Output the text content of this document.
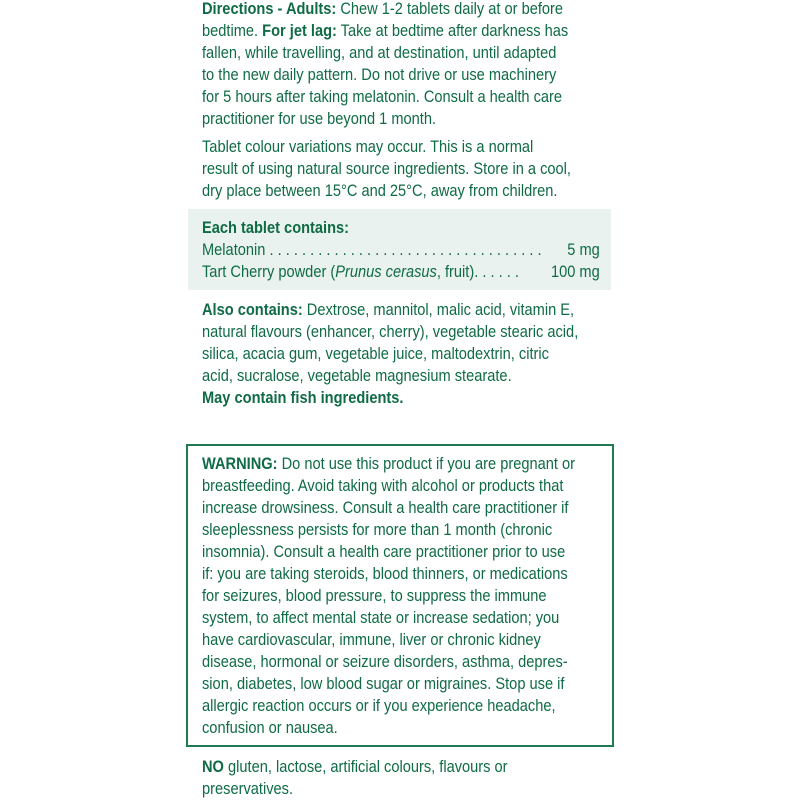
Directions - Adults: Chew 1-2 tablets daily at or before
bedtime. For jet lag: Take at bedtime after darkness has
fallen, while travelling, and at destination, until adapted
to the new daily pattern. Do not drive or use machinery
for 5 hours after taking melatonin. Consult a health care
practitioner for use beyond 1 month.
Tablet colour variations may occur. This is a normal
result of using natural source ingredients. Store in a cool,
dry place between 15°C and 25°C, away from children.
Each tablet contains:
Melatonin . . . . . . . . . . . . . . . . . . . . . . . . . . . . . . . . . . 5 mg
Tart Cherry powder (Prunus cerasus, fruit). . . . . . 100 mg
Also contains: Dextrose, mannitol, malic acid, vitamin E,
natural flavours (enhancer, cherry), vegetable stearic acid,
silica, acacia gum, vegetable juice, maltodextrin, citric
acid, sucralose, vegetable magnesium stearate.
May contain fish ingredients.
WARNING: Do not use this product if you are pregnant or
breastfeeding. Avoid taking with alcohol or products that
increase drowsiness. Consult a health care practitioner if
sleeplessness persists for more than 1 month (chronic
insomnia). Consult a health care practitioner prior to use
if: you are taking steroids, blood thinners, or medications
for seizures, blood pressure, to suppress the immune
system, to affect mental state or increase sedation; you
have cardiovascular, immune, liver or chronic kidney
disease, hormonal or seizure disorders, asthma, depres-
sion, diabetes, low blood sugar or migraines. Stop use if
allergic reaction occurs or if you experience headache,
confusion or nausea.
NO gluten, lactose, artificial colours, flavours or
preservatives.
